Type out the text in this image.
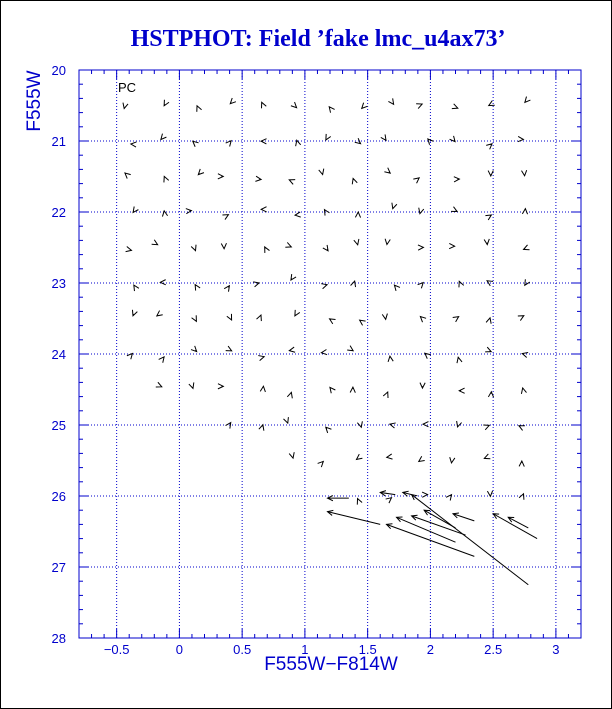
HSTPHOT: Field ’fake lmc_u4ax73’
−0.5	0	0.5	1	1.5	2	2.5	3
20
21
22
23
24
25
26
27
28
PC
F555W−F814W
F555W
